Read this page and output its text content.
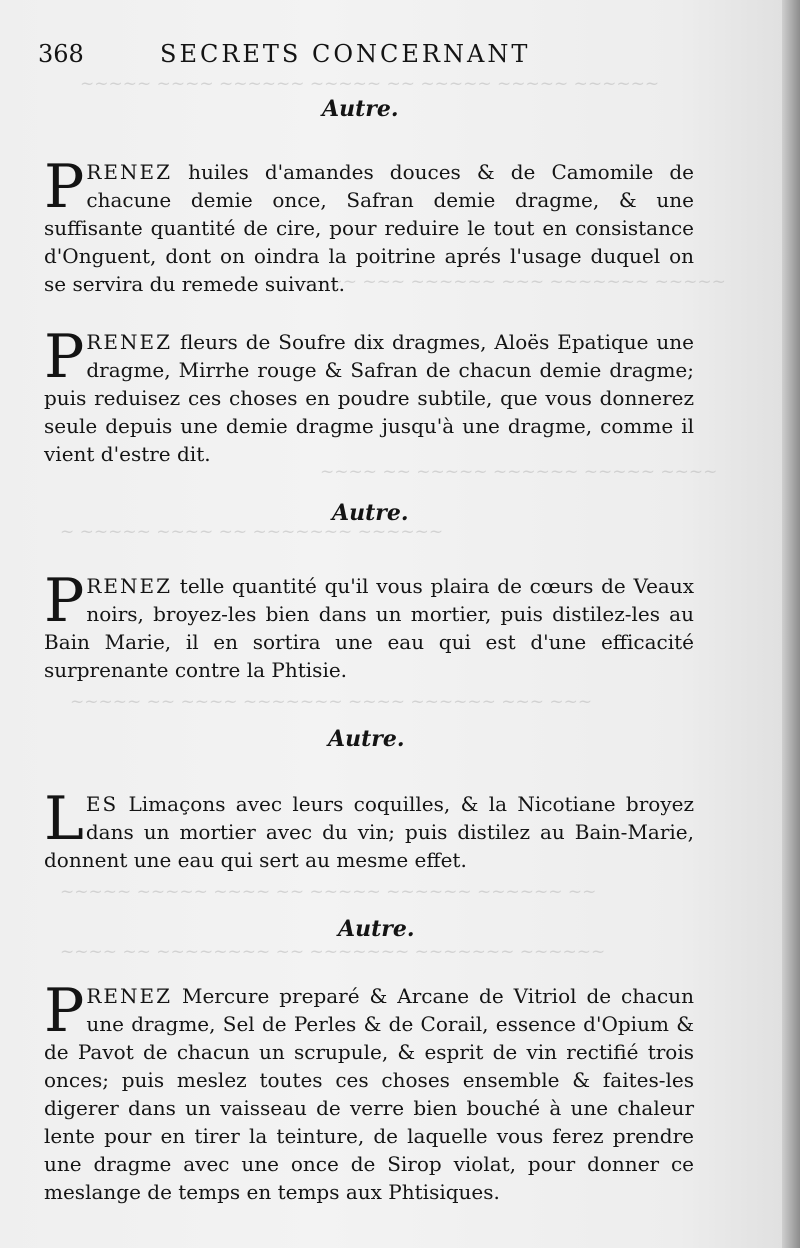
~~~~~ ~~~~ ~~~~~~ ~~~~~ ~~ ~~~~~ ~~~~~ ~~~~~~
~~~~ ~~~ ~~~~~~ ~~~ ~~~~~~~ ~~~~~
~~~~ ~~ ~~~~~ ~~~~~~ ~~~~~ ~~~~
~ ~~~~~ ~~~~ ~~ ~~~~~~~ ~~~~~~
~~~~~ ~~ ~~~~ ~~~~~~~ ~~~~ ~~~~~~ ~~~ ~~~
~~~~~ ~~~~~ ~~~~ ~~ ~~~~~ ~~~~~~ ~~~~~~ ~~
~~~~ ~~ ~~~~~~~~ ~~ ~~~~~~~ ~~~~~~~ ~~~~~~
368	SECRETS CONCERNANT
Autre.
PRENEZ huiles d'amandes douces & de Camomile de chacune demie once, Safran demie dragme, & une suffisante quantité de cire, pour reduire le tout en consistance d'Onguent, dont on oindra la poitrine aprés l'usage duquel on se servira du remede suivant.
PRENEZ fleurs de Soufre dix dragmes, Aloës Epatique une dragme, Mirrhe rouge & Safran de chacun demie dragme; puis reduisez ces choses en poudre subtile, que vous donnerez seule depuis une demie dragme jusqu'à une dragme, comme il vient d'estre dit.
Autre.
PRENEZ telle quantité qu'il vous plaira de cœurs de Veaux noirs, broyez-les bien dans un mortier, puis distilez-les au Bain Marie, il en sortira une eau qui est d'une efficacité surprenante contre la Phtisie.
Autre.
LES Limaçons avec leurs coquilles, & la Nicotiane broyez dans un mortier avec du vin; puis distilez au Bain-Marie, donnent une eau qui sert au mesme effet.
Autre.
PRENEZ Mercure preparé & Arcane de Vitriol de chacun une dragme, Sel de Perles & de Corail, essence d'Opium & de Pavot de chacun un scrupule, & esprit de vin rectifié trois onces; puis meslez toutes ces choses ensemble & faites-les digerer dans un vaisseau de verre bien bouché à une chaleur lente pour en tirer la teinture, de laquelle vous ferez prendre une dragme avec une once de Sirop violat, pour donner ce meslange de temps en temps aux Phtisiques.
